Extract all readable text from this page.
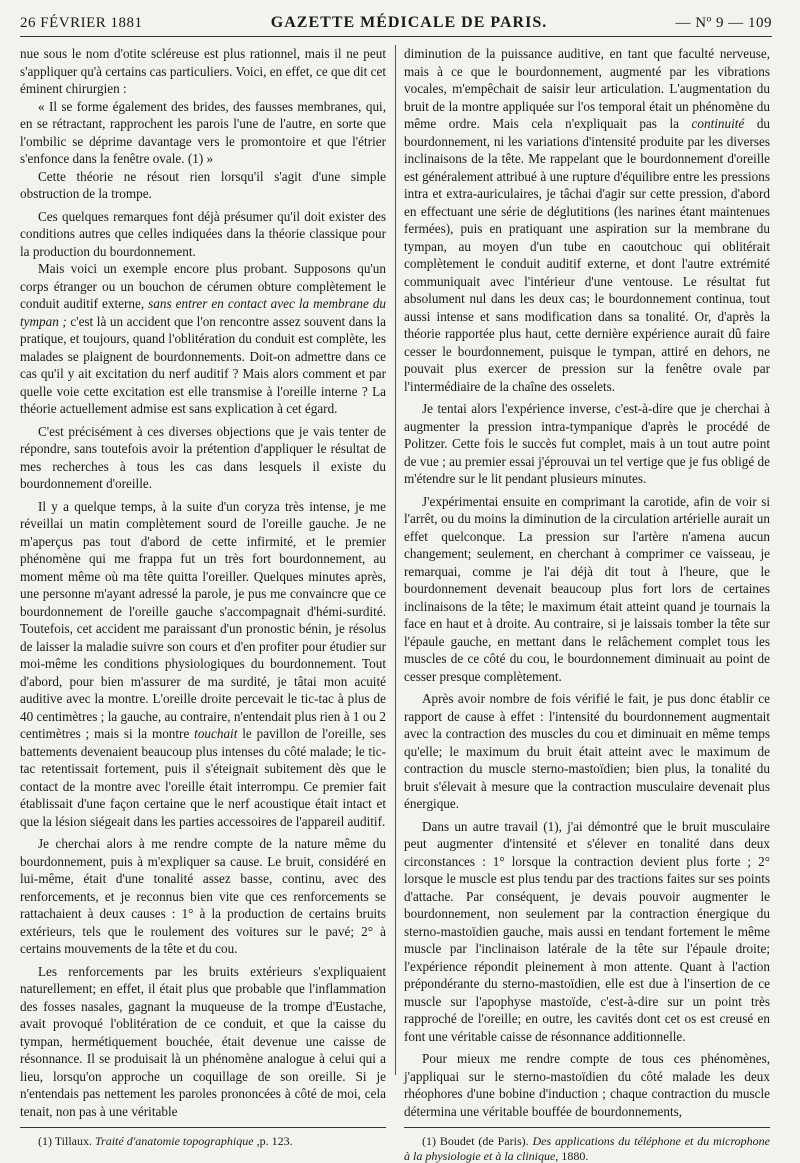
26 FÉVRIER 1881	GAZETTE MÉDICALE DE PARIS.	— Nº 9 — 109

nue sous le nom d'otite scléreuse est plus rationnel, mais il ne peut s'appliquer qu'à certains cas particuliers. Voici, en effet, ce que dit cet éminent chirurgien :

« Il se forme également des brides, des fausses membranes, qui, en se rétractant, rapprochent les parois l'une de l'autre, en sorte que l'ombilic se déprime davantage vers le promontoire et que l'étrier s'enfonce dans la fenêtre ovale. (1) »

Cette théorie ne résout rien lorsqu'il s'agit d'une simple obstruction de la trompe.

Ces quelques remarques font déjà présumer qu'il doit exister des conditions autres que celles indiquées dans la théorie classique pour la production du bourdonnement.

Mais voici un exemple encore plus probant. Supposons qu'un corps étranger ou un bouchon de cérumen obture complètement le conduit auditif externe, sans entrer en contact avec la membrane du tympan ; c'est là un accident que l'on rencontre assez souvent dans la pratique, et toujours, quand l'oblitération du conduit est complète, les malades se plaignent de bourdonnements. Doit-on admettre dans ce cas qu'il y ait excitation du nerf auditif ? Mais alors comment et par quelle voie cette excitation est elle transmise à l'oreille interne ? La théorie actuellement admise est sans explication à cet égard.

C'est précisément à ces diverses objections que je vais tenter de répondre, sans toutefois avoir la prétention d'appliquer le résultat de mes recherches à tous les cas dans lesquels il existe du bourdonnement d'oreille.

Il y a quelque temps, à la suite d'un coryza très intense, je me réveillai un matin complètement sourd de l'oreille gauche. Je ne m'aperçus pas tout d'abord de cette infirmité, et le premier phénomène qui me frappa fut un très fort bourdonnement, au moment même où ma tête quitta l'oreiller. Quelques minutes après, une personne m'ayant adressé la parole, je pus me convaincre que ce bourdonnement de l'oreille gauche s'accompagnait d'hémi-surdité. Toutefois, cet accident me paraissant d'un pronostic bénin, je résolus de laisser la maladie suivre son cours et d'en profiter pour étudier sur moi-même les conditions physiologiques du bourdonnement. Tout d'abord, pour bien m'assurer de ma surdité, je tâtai mon acuité auditive avec la montre. L'oreille droite percevait le tic-tac à plus de 40 centimètres ; la gauche, au contraire, n'entendait plus rien à 1 ou 2 centimètres ; mais si la montre touchait le pavillon de l'oreille, ses battements devenaient beaucoup plus intenses du côté malade; le tic-tac retentissait fortement, puis il s'éteignait subitement dès que le contact de la montre avec l'oreille était interrompu. Ce premier fait établissait d'une façon certaine que le nerf acoustique était intact et que la lésion siégeait dans les parties accessoires de l'appareil auditif.

Je cherchai alors à me rendre compte de la nature même du bourdonnement, puis à m'expliquer sa cause. Le bruit, considéré en lui-même, était d'une tonalité assez basse, continu, avec des renforcements, et je reconnus bien vite que ces renforcements se rattachaient à deux causes : 1° à la production de certains bruits extérieurs, tels que le roulement des voitures sur le pavé; 2° à certains mouvements de la tête et du cou.

Les renforcements par les bruits extérieurs s'expliquaient naturellement; en effet, il était plus que probable que l'inflammation des fosses nasales, gagnant la muqueuse de la trompe d'Eustache, avait provoqué l'oblitération de ce conduit, et que la caisse du tympan, hermétiquement bouchée, était devenue une caisse de résonnance. Il se produisait là un phénomène analogue à celui qui a lieu, lorsqu'on approche un coquillage de son oreille. Si je n'entendais pas nettement les paroles prononcées à côté de moi, cela tenait, non pas à une véritable

(1) Tillaux. Traité d'anatomie topographique ,p. 123.

diminution de la puissance auditive, en tant que faculté nerveuse, mais à ce que le bourdonnement, augmenté par les vibrations vocales, m'empêchait de saisir leur articulation. L'augmentation du bruit de la montre appliquée sur l'os temporal était un phénomène du même ordre. Mais cela n'expliquait pas la continuité du bourdonnement, ni les variations d'intensité produite par les diverses inclinaisons de la tête. Me rappelant que le bourdonnement d'oreille est généralement attribué à une rupture d'équilibre entre les pressions intra et extra-auriculaires, je tâchai d'agir sur cette pression, d'abord en effectuant une série de déglutitions (les narines étant maintenues fermées), puis en pratiquant une aspiration sur la membrane du tympan, au moyen d'un tube en caoutchouc qui oblitérait complètement le conduit auditif externe, et dont l'autre extrémité communiquait avec l'intérieur d'une ventouse. Le résultat fut absolument nul dans les deux cas; le bourdonnement continua, tout aussi intense et sans modification dans sa tonalité. Or, d'après la théorie rapportée plus haut, cette dernière expérience aurait dû faire cesser le bourdonnement, puisque le tympan, attiré en dehors, ne pouvait plus exercer de pression sur la fenêtre ovale par l'intermédiaire de la chaîne des osselets.

Je tentai alors l'expérience inverse, c'est-à-dire que je cherchai à augmenter la pression intra-tympanique d'après le procédé de Politzer. Cette fois le succès fut complet, mais à un tout autre point de vue ; au premier essai j'éprouvai un tel vertige que je fus obligé de m'étendre sur le lit pendant plusieurs minutes.

J'expérimentai ensuite en comprimant la carotide, afin de voir si l'arrêt, ou du moins la diminution de la circulation artérielle aurait un effet quelconque. La pression sur l'artère n'amena aucun changement; seulement, en cherchant à comprimer ce vaisseau, je remarquai, comme je l'ai déjà dit tout à l'heure, que le bourdonnement devenait beaucoup plus fort lors de certaines inclinaisons de la tête; le maximum était atteint quand je tournais la face en haut et à droite. Au contraire, si je laissais tomber la tête sur l'épaule gauche, en mettant dans le relâchement complet tous les muscles de ce côté du cou, le bourdonnement diminuait au point de cesser presque complètement.

Après avoir nombre de fois vérifié le fait, je pus donc établir ce rapport de cause à effet : l'intensité du bourdonnement augmentait avec la contraction des muscles du cou et diminuait en même temps qu'elle; le maximum du bruit était atteint avec le maximum de contraction du muscle sterno-mastoïdien; bien plus, la tonalité du bruit s'élevait à mesure que la contraction musculaire devenait plus énergique.

Dans un autre travail (1), j'ai démontré que le bruit musculaire peut augmenter d'intensité et s'élever en tonalité dans deux circonstances : 1° lorsque la contraction devient plus forte ; 2° lorsque le muscle est plus tendu par des tractions faites sur ses points d'attache. Par conséquent, je devais pouvoir augmenter le bourdonnement, non seulement par la contraction énergique du sterno-mastoïdien gauche, mais aussi en tendant fortement le même muscle par l'inclinaison latérale de la tête sur l'épaule droite; l'expérience répondit pleinement à mon attente. Quant à l'action prépondérante du sterno-mastoïdien, elle est due à l'insertion de ce muscle sur l'apophyse mastoïde, c'est-à-dire sur un point très rapproché de l'oreille; en outre, les cavités dont cet os est creusé en font une véritable caisse de résonnance additionnelle.

Pour mieux me rendre compte de tous ces phénomènes, j'appliquai sur le sterno-mastoïdien du côté malade les deux rhéophores d'une bobine d'induction ; chaque contraction du muscle détermina une véritable bouffée de bourdonnements,

(1) Boudet (de Paris). Des applications du téléphone et du microphone à la physiologie et à la clinique, 1880.
